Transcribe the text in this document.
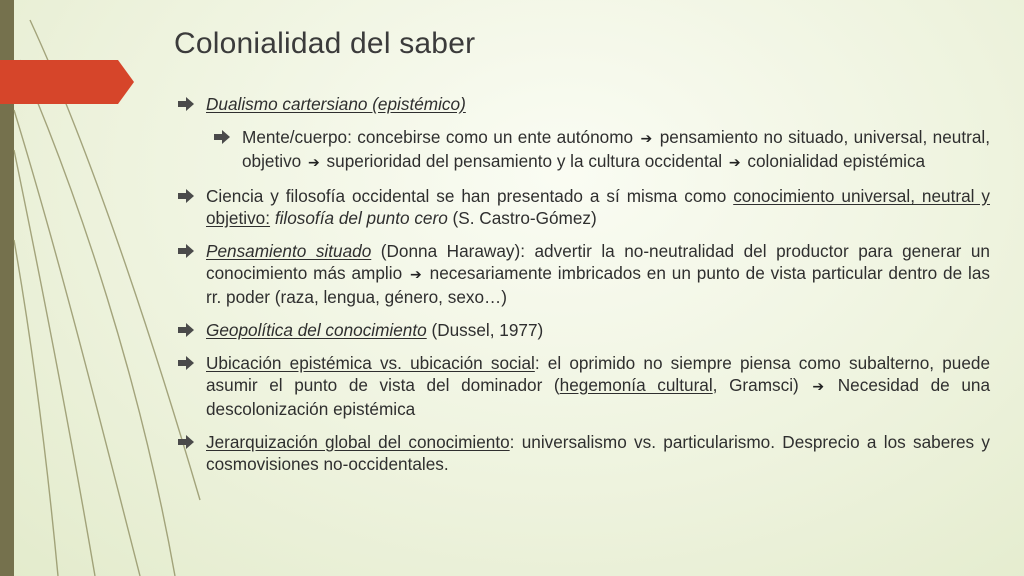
Colonialidad del saber
Dualismo cartersiano (epistémico)
Mente/cuerpo: concebirse como un ente autónomo ➔ pensamiento no situado, universal, neutral, objetivo ➔ superioridad del pensamiento y la cultura occidental ➔ colonialidad epistémica
Ciencia y filosofía occidental se han presentado a sí misma como conocimiento universal, neutral y objetivo: filosofía del punto cero (S. Castro-Gómez)
Pensamiento situado (Donna Haraway): advertir la no-neutralidad del productor para generar un conocimiento más amplio ➔ necesariamente imbricados en un punto de vista particular dentro de las rr. poder (raza, lengua, género, sexo…)
Geopolítica del conocimiento (Dussel, 1977)
Ubicación epistémica vs. ubicación social: el oprimido no siempre piensa como subalterno, puede asumir el punto de vista del dominador (hegemonía cultural, Gramsci) ➔ Necesidad de una descolonización epistémica
Jerarquización global del conocimiento: universalismo vs. particularismo. Desprecio a los saberes y cosmovisiones no-occidentales.
